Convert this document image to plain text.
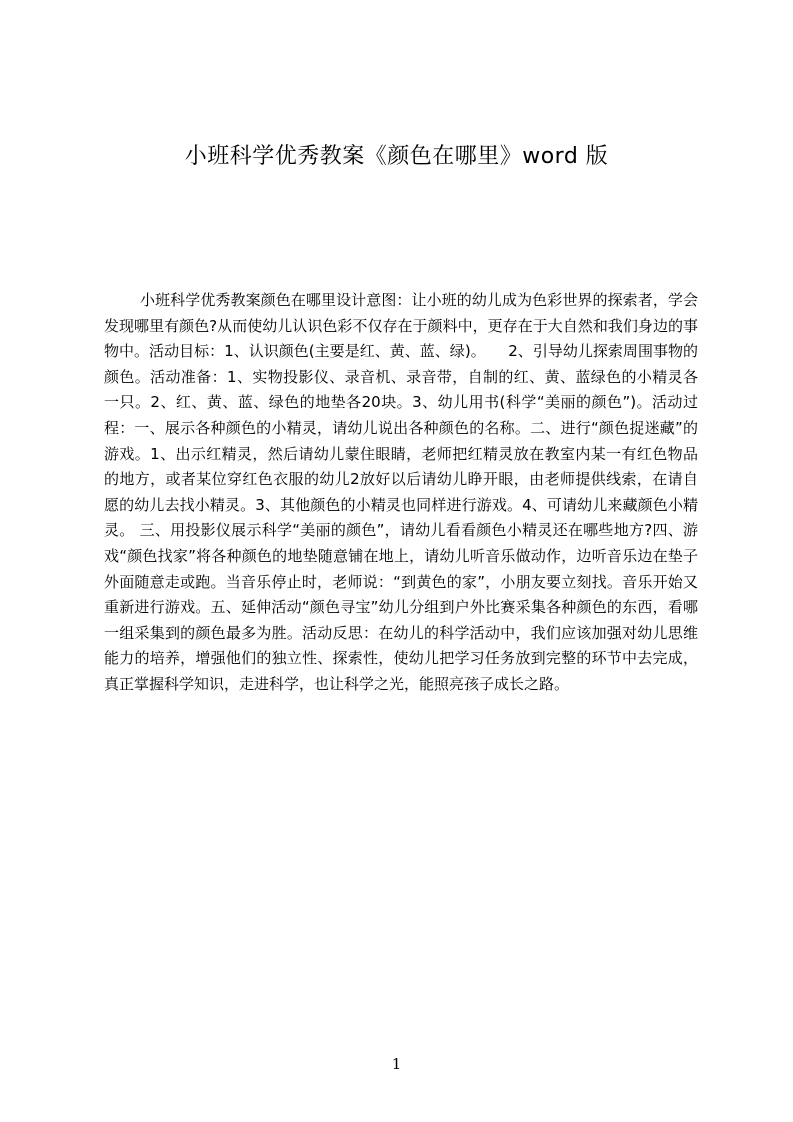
小班科学优秀教案《颜色在哪里》word 版

小班科学优秀教案颜色在哪里设计意图：让小班的幼儿成为色彩世界的探索者，学会发现哪里有颜色?从而使幼儿认识色彩不仅存在于颜料中，更存在于大自然和我们身边的事物中。活动目标：1、认识颜色(主要是红、黄、蓝、绿)。　　2、引导幼儿探索周围事物的颜色。活动准备：1、实物投影仪、录音机、录音带，自制的红、黄、蓝绿色的小精灵各一只。2、红、黄、蓝、绿色的地垫各20块。3、幼儿用书(科学“美丽的颜色”)。活动过程：一、展示各种颜色的小精灵，请幼儿说出各种颜色的名称。二、进行“颜色捉迷藏”的游戏。1、出示红精灵，然后请幼儿蒙住眼睛，老师把红精灵放在教室内某一有红色物品的地方，或者某位穿红色衣服的幼儿2放好以后请幼儿睁开眼，由老师提供线索，在请自愿的幼儿去找小精灵。3、其他颜色的小精灵也同样进行游戏。4、可请幼儿来藏颜色小精灵。 三、用投影仪展示科学“美丽的颜色”，请幼儿看看颜色小精灵还在哪些地方?四、游戏“颜色找家”将各种颜色的地垫随意铺在地上，请幼儿听音乐做动作，边听音乐边在垫子外面随意走或跑。当音乐停止时，老师说：“到黄色的家”，小朋友要立刻找。音乐开始又重新进行游戏。五、延伸活动“颜色寻宝”幼儿分组到户外比赛采集各种颜色的东西，看哪一组采集到的颜色最多为胜。活动反思：在幼儿的科学活动中，我们应该加强对幼儿思维能力的培养，增强他们的独立性、探索性，使幼儿把学习任务放到完整的环节中去完成，真正掌握科学知识，走进科学，也让科学之光，能照亮孩子成长之路。

1
